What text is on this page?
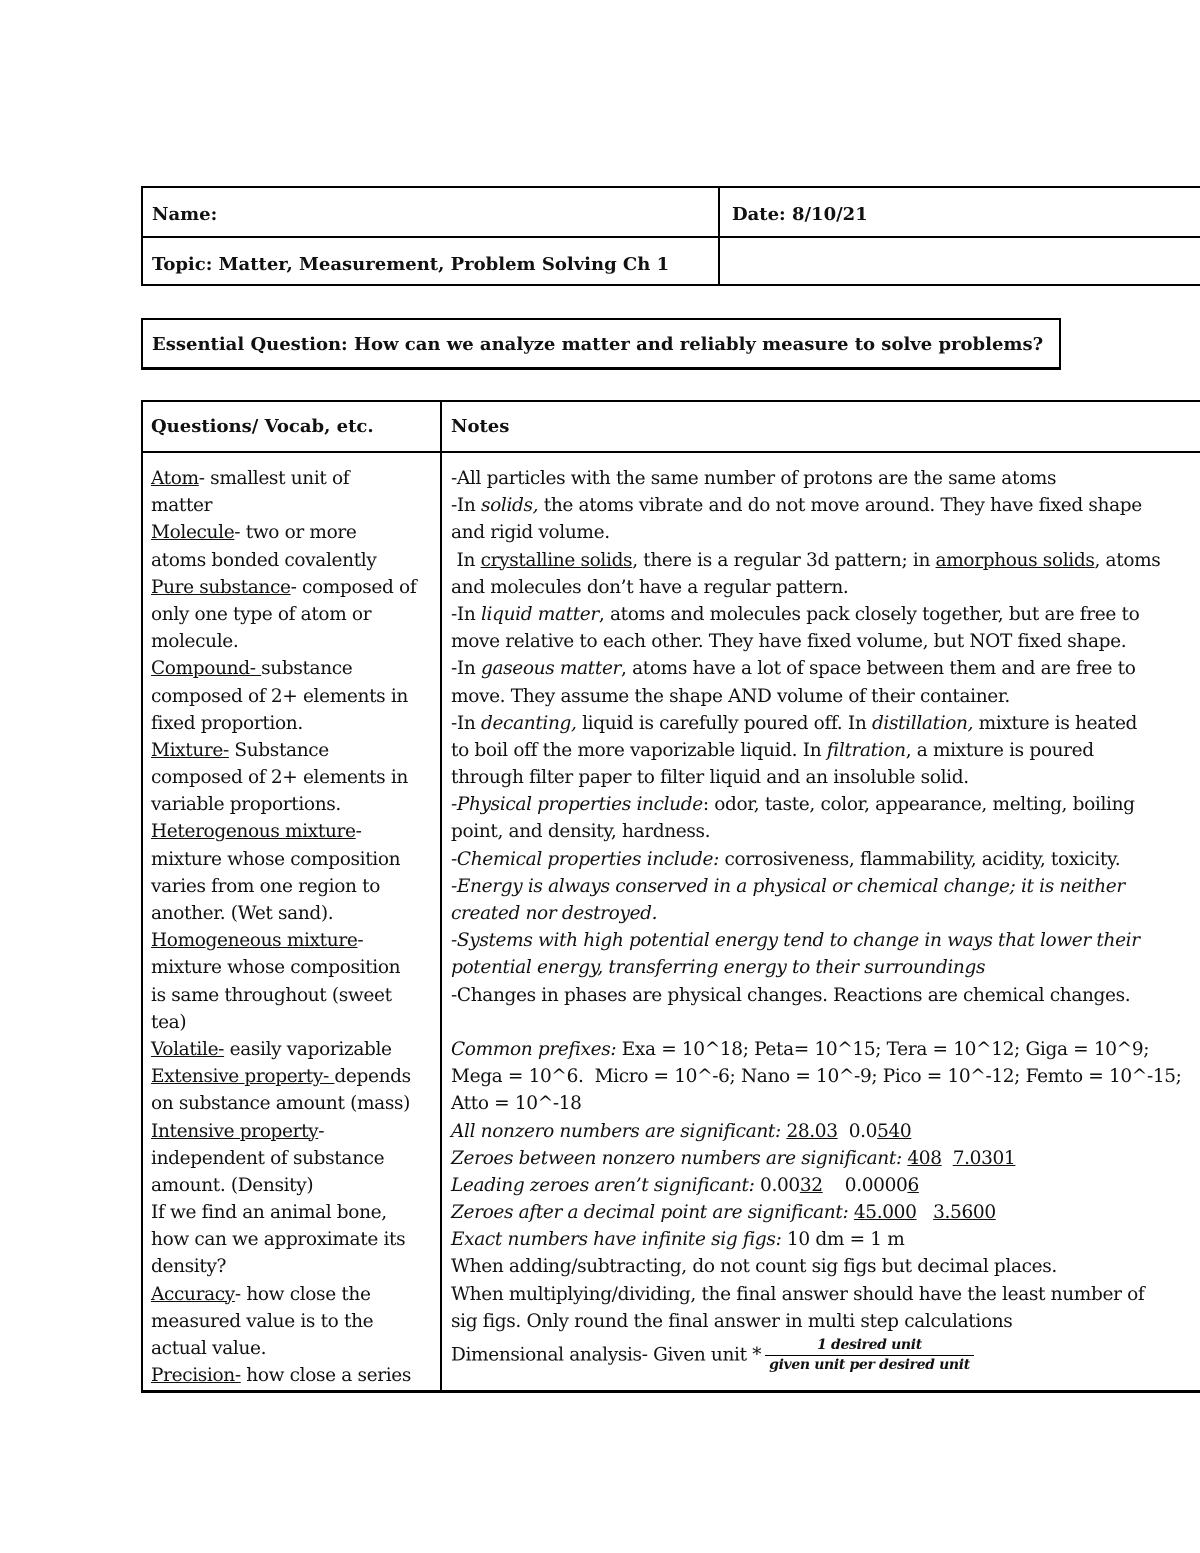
Name:	Date: 8/10/21
Topic: Matter, Measurement, Problem Solving Ch 1
Essential Question: How can we analyze matter and reliably measure to solve problems?
Questions/ Vocab, etc.	Notes
Atom- smallest unit of
matter
Molecule- two or more
atoms bonded covalently
Pure substance- composed of
only one type of atom or
molecule.
Compound- substance
composed of 2+ elements in
fixed proportion.
Mixture- Substance
composed of 2+ elements in
variable proportions.
Heterogenous mixture-
mixture whose composition
varies from one region to
another. (Wet sand).
Homogeneous mixture-
mixture whose composition
is same throughout (sweet
tea)
Volatile- easily vaporizable
Extensive property- depends
on substance amount (mass)
Intensive property-
independent of substance
amount. (Density)
If we find an animal bone,
how can we approximate its
density?
Accuracy- how close the
measured value is to the
actual value.
Precision- how close a series
-All particles with the same number of protons are the same atoms
-In solids, the atoms vibrate and do not move around. They have fixed shape
and rigid volume.
In crystalline solids, there is a regular 3d pattern; in amorphous solids, atoms
and molecules don’t have a regular pattern.
-In liquid matter, atoms and molecules pack closely together, but are free to
move relative to each other. They have fixed volume, but NOT fixed shape.
-In gaseous matter, atoms have a lot of space between them and are free to
move. They assume the shape AND volume of their container.
-In decanting, liquid is carefully poured off. In distillation, mixture is heated
to boil off the more vaporizable liquid. In filtration, a mixture is poured
through filter paper to filter liquid and an insoluble solid.
-Physical properties include: odor, taste, color, appearance, melting, boiling
point, and density, hardness.
-Chemical properties include: corrosiveness, flammability, acidity, toxicity.
-Energy is always conserved in a physical or chemical change; it is neither
created nor destroyed.
-Systems with high potential energy tend to change in ways that lower their
potential energy, transferring energy to their surroundings
-Changes in phases are physical changes. Reactions are chemical changes.
Common prefixes: Exa = 10^18; Peta= 10^15; Tera = 10^12; Giga = 10^9;
Mega = 10^6.  Micro = 10^-6; Nano = 10^-9; Pico = 10^-12; Femto = 10^-15;
Atto = 10^-18
All nonzero numbers are significant: 28.03  0.0540
Zeroes between nonzero numbers are significant: 408 7.0301
Leading zeroes aren’t significant: 0.0032    0.00006
Zeroes after a decimal point are significant: 45.000 3.5600
Exact numbers have infinite sig figs: 10 dm = 1 m
When adding/subtracting, do not count sig figs but decimal places.
When multiplying/dividing, the final answer should have the least number of
sig figs. Only round the final answer in multi step calculations
Dimensional analysis- Given unit * $\frac{\text{1 desired unit}}{\text{given unit per desired unit}}$
